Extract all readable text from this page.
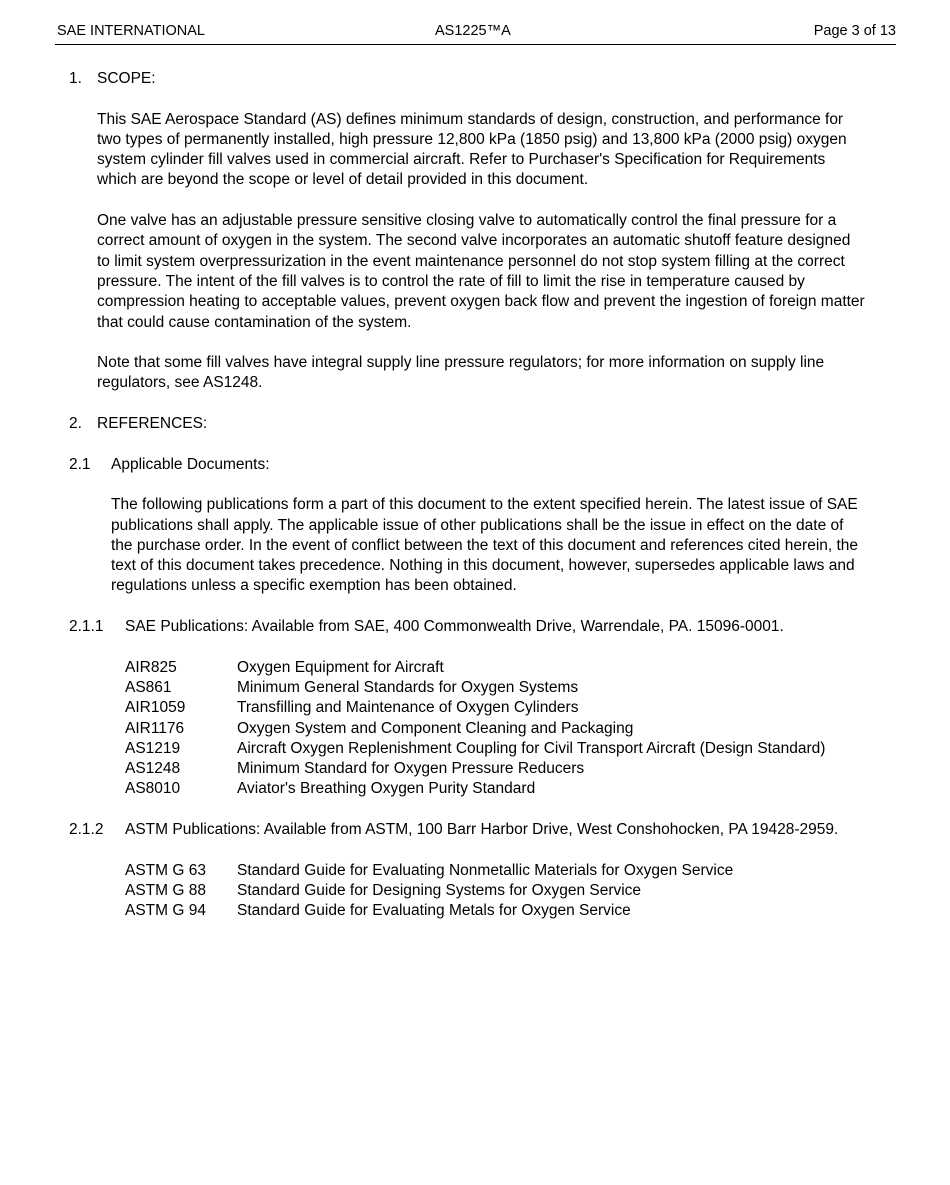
SAE INTERNATIONAL	AS1225™A	Page 3 of 13
1. SCOPE:

This SAE Aerospace Standard (AS) defines minimum standards of design, construction, and performance for two types of permanently installed, high pressure 12,800 kPa (1850 psig) and 13,800 kPa (2000 psig) oxygen system cylinder fill valves used in commercial aircraft. Refer to Purchaser's Specification for Requirements which are beyond the scope or level of detail provided in this document.

One valve has an adjustable pressure sensitive closing valve to automatically control the final pressure for a correct amount of oxygen in the system. The second valve incorporates an automatic shutoff feature designed to limit system overpressurization in the event maintenance personnel do not stop system filling at the correct pressure. The intent of the fill valves is to control the rate of fill to limit the rise in temperature caused by compression heating to acceptable values, prevent oxygen back flow and prevent the ingestion of foreign matter that could cause contamination of the system.

Note that some fill valves have integral supply line pressure regulators; for more information on supply line regulators, see AS1248.

2. REFERENCES:
2.1 Applicable Documents:

The following publications form a part of this document to the extent specified herein. The latest issue of SAE publications shall apply. The applicable issue of other publications shall be the issue in effect on the date of the purchase order. In the event of conflict between the text of this document and references cited herein, the text of this document takes precedence. Nothing in this document, however, supersedes applicable laws and regulations unless a specific exemption has been obtained.

2.1.1 SAE Publications: Available from SAE, 400 Commonwealth Drive, Warrendale, PA. 15096-0001.
AIR825	Oxygen Equipment for Aircraft
AS861	Minimum General Standards for Oxygen Systems
AIR1059	Transfilling and Maintenance of Oxygen Cylinders
AIR1176	Oxygen System and Component Cleaning and Packaging
AS1219	Aircraft Oxygen Replenishment Coupling for Civil Transport Aircraft (Design Standard)
AS1248	Minimum Standard for Oxygen Pressure Reducers
AS8010	Aviator's Breathing Oxygen Purity Standard
2.1.2 ASTM Publications: Available from ASTM, 100 Barr Harbor Drive, West Conshohocken, PA 19428-2959.
ASTM G 63	Standard Guide for Evaluating Nonmetallic Materials for Oxygen Service
ASTM G 88	Standard Guide for Designing Systems for Oxygen Service
ASTM G 94	Standard Guide for Evaluating Metals for Oxygen Service
